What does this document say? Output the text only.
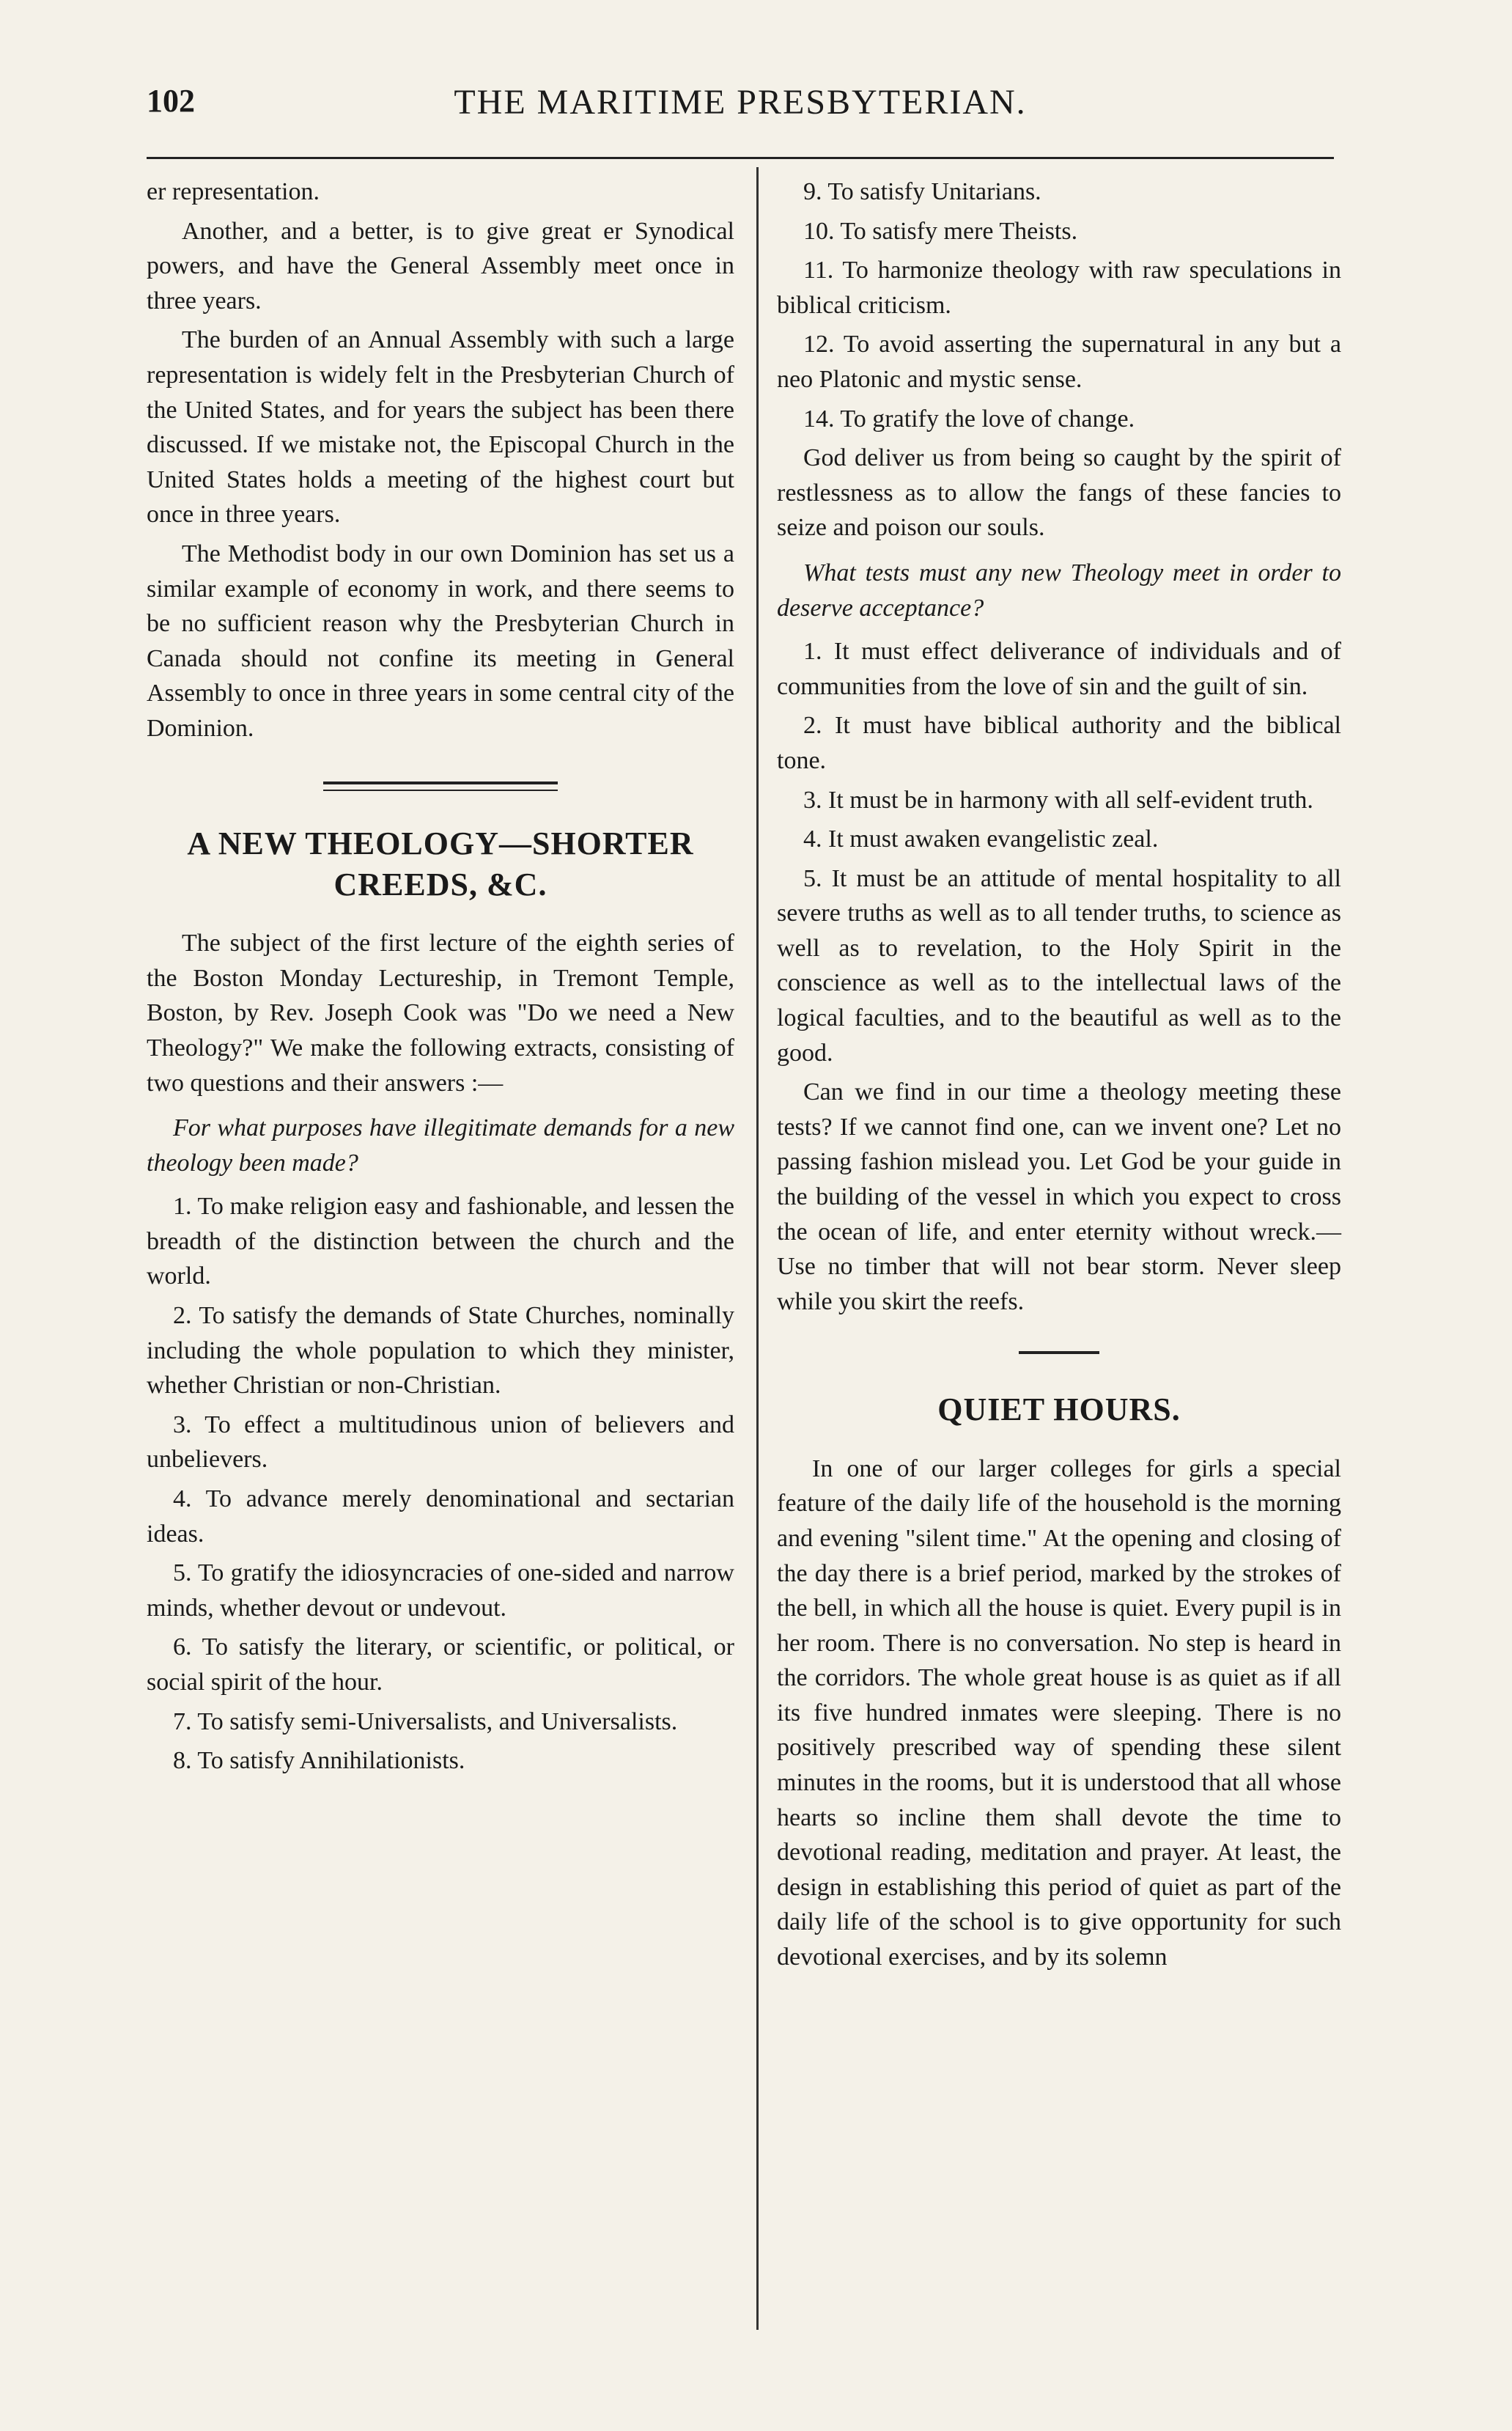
102	THE MARITIME PRESBYTERIAN.

er representation.

Another, and a better, is to give great er Synodical powers, and have the General Assembly meet once in three years.

The burden of an Annual Assembly with such a large representation is widely felt in the Presbyterian Church of the United States, and for years the subject has been there discussed. If we mistake not, the Episcopal Church in the United States holds a meeting of the highest court but once in three years.

The Methodist body in our own Dominion has set us a similar example of economy in work, and there seems to be no sufficient reason why the Presbyterian Church in Canada should not confine its meeting in General Assembly to once in three years in some central city of the Dominion.

A NEW THEOLOGY—SHORTER
CREEDS, &C.

The subject of the first lecture of the eighth series of the Boston Monday Lectureship, in Tremont Temple, Boston, by Rev. Joseph Cook was "Do we need a New Theology?" We make the following extracts, consisting of two questions and their answers :—

For what purposes have illegitimate demands for a new theology been made?

1. To make religion easy and fashionable, and lessen the breadth of the distinction between the church and the world.

2. To satisfy the demands of State Churches, nominally including the whole population to which they minister, whether Christian or non-Christian.

3. To effect a multitudinous union of believers and unbelievers.

4. To advance merely denominational and sectarian ideas.

5. To gratify the idiosyncracies of one-sided and narrow minds, whether devout or undevout.

6. To satisfy the literary, or scientific, or political, or social spirit of the hour.

7. To satisfy semi-Universalists, and Universalists.

8. To satisfy Annihilationists.

9. To satisfy Unitarians.

10. To satisfy mere Theists.

11. To harmonize theology with raw speculations in biblical criticism.

12. To avoid asserting the supernatural in any but a neo Platonic and mystic sense.

14. To gratify the love of change.

God deliver us from being so caught by the spirit of restlessness as to allow the fangs of these fancies to seize and poison our souls.

What tests must any new Theology meet in order to deserve acceptance?

1. It must effect deliverance of individuals and of communities from the love of sin and the guilt of sin.

2. It must have biblical authority and the biblical tone.

3. It must be in harmony with all self-evident truth.

4. It must awaken evangelistic zeal.

5. It must be an attitude of mental hospitality to all severe truths as well as to all tender truths, to science as well as to revelation, to the Holy Spirit in the conscience as well as to the intellectual laws of the logical faculties, and to the beautiful as well as to the good.

Can we find in our time a theology meeting these tests? If we cannot find one, can we invent one? Let no passing fashion mislead you. Let God be your guide in the building of the vessel in which you expect to cross the ocean of life, and enter eternity without wreck.—Use no timber that will not bear storm. Never sleep while you skirt the reefs.

QUIET HOURS.

In one of our larger colleges for girls a special feature of the daily life of the household is the morning and evening "silent time." At the opening and closing of the day there is a brief period, marked by the strokes of the bell, in which all the house is quiet. Every pupil is in her room. There is no conversation. No step is heard in the corridors. The whole great house is as quiet as if all its five hundred inmates were sleeping. There is no positively prescribed way of spending these silent minutes in the rooms, but it is understood that all whose hearts so incline them shall devote the time to devotional reading, meditation and prayer. At least, the design in establishing this period of quiet as part of the daily life of the school is to give opportunity for such devotional exercises, and by its solemn
